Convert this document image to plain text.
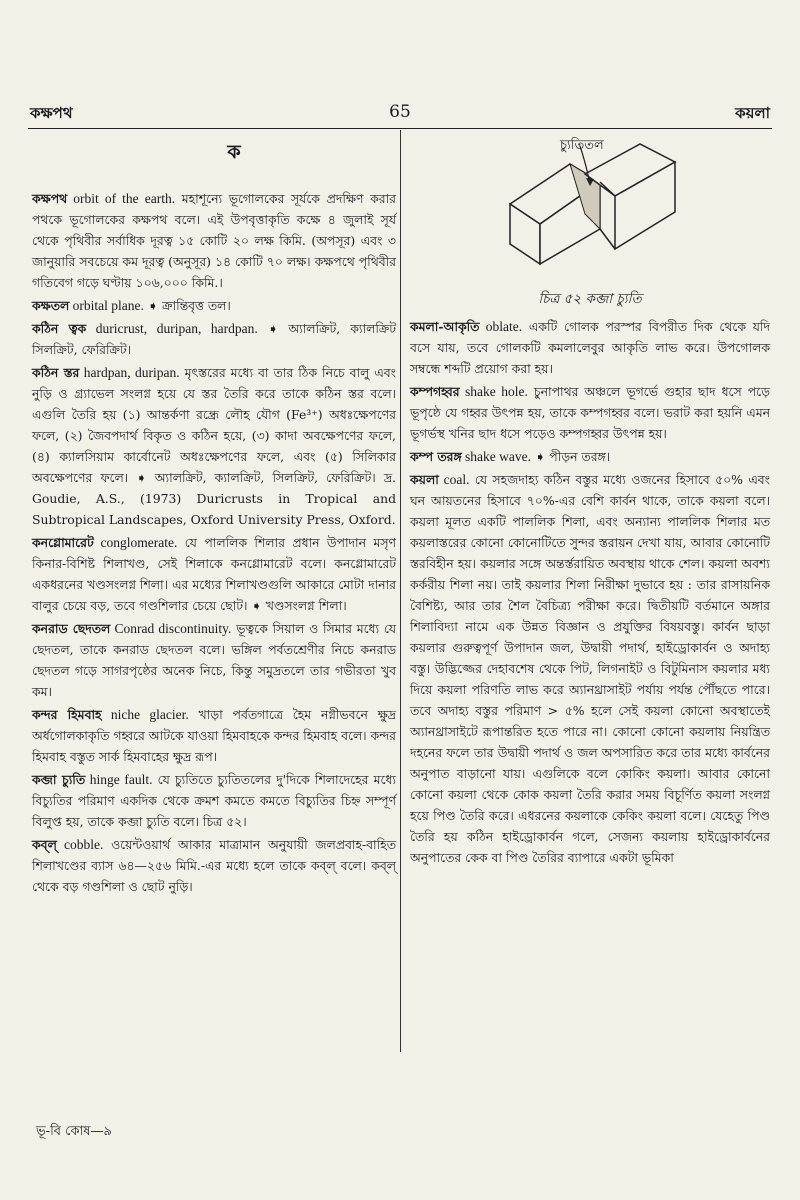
কক্ষপথ	65	কয়লা
ক
কক্ষপথ orbit of the earth. মহাশূন্যে ভূগোলকের সূর্যকে প্রদক্ষিণ করার পথকে ভূগোলকের কক্ষপথ বলে। এই উপবৃত্তাকৃতি কক্ষে ৪ জুলাই সূর্য থেকে পৃথিবীর সর্বাধিক দূরত্ব ১৫ কোটি ২০ লক্ষ কিমি. (অপসূর) এবং ৩ জানুয়ারি সবচেয়ে কম দূরত্ব (অনুসূর) ১৪ কোটি ৭০ লক্ষ। কক্ষপথে পৃথিবীর গতিবেগ গড়ে ঘণ্টায় ১০৬,০০০ কিমি.।
কক্ষতল orbital plane. ➧ ক্রান্তিবৃত্ত তল।
কঠিন ত্বক duricrust, duripan, hardpan. ➧ অ্যালক্রিট, ক্যালক্রিট সিলক্রিট, ফেরিক্রিট।
কঠিন স্তর hardpan, duripan. মৃৎস্তরের মধ্যে বা তার ঠিক নিচে বালু এবং নুড়ি ও গ্র্যাভেল সংলগ্ন হয়ে যে স্তর তৈরি করে তাকে কঠিন স্তর বলে। এগুলি তৈরি হয় (১) আন্তর্কণা রন্ধ্রে লৌহ যৌগ (Fe³⁺) অধঃক্ষেপণের ফলে, (২) জৈবপদার্থ বিকৃত ও কঠিন হয়ে, (৩) কাদা অবক্ষেপণের ফলে, (৪) ক্যালসিয়াম কার্বোনেট অধঃক্ষেপণের ফলে, এবং (৫) সিলিকার অবক্ষেপণের ফলে। ➧ অ্যালক্রিট, ক্যালক্রিট, সিলক্রিট, ফেরিক্রিট। দ্র. Goudie, A.S., (1973) Duricrusts in Tropical and Subtropical Landscapes, Oxford University Press, Oxford.
কনগ্লোমারেট conglomerate. যে পাললিক শিলার প্রধান উপাদান মসৃণ কিনার-বিশিষ্ট শিলাখণ্ড, সেই শিলাকে কনগ্লোমারেট বলে। কনগ্লোমারেট একধরনের খণ্ডসংলগ্ন শিলা। এর মধ্যের শিলাখণ্ডগুলি আকারে মোটা দানার বালুর চেয়ে বড়, তবে গণ্ডশিলার চেয়ে ছোট। ➧ খণ্ডসংলগ্ন শিলা।
কনরাড ছেদতল Conrad discontinuity. ভূত্বকে সিয়াল ও সিমার মধ্যে যে ছেদতল, তাকে কনরাড ছেদতল বলে। ভঙ্গিল পর্বতশ্রেণীর নিচে কনরাড ছেদতল গড়ে সাগরপৃষ্ঠের অনেক নিচে, কিন্তু সমুদ্রতলে তার গভীরতা খুব কম।
কন্দর হিমবাহ niche glacier. খাড়া পর্বতগাত্রে হৈম নগ্নীভবনে ক্ষুদ্র অর্ধগোলকাকৃতি গহ্বরে আটকে যাওয়া হিমবাহকে কন্দর হিমবাহ বলে। কন্দর হিমবাহ বস্তুত সার্ক হিমবাহের ক্ষুদ্র রূপ।
কব্জা চ্যুতি hinge fault. যে চ্যুতিতে চ্যুতিতলের দু'দিকে শিলাদেহের মধ্যে বিচ্যুতির পরিমাণ একদিক থেকে ক্রমশ কমতে কমতে বিচ্যুতির চিহ্ন সম্পূর্ণ বিলুপ্ত হয়, তাকে কব্জা চ্যুতি বলে। চিত্র ৫২।
কব্‌ল্ cobble. ওয়েন্টওয়ার্থ আকার মাত্রামান অনুযায়ী জলপ্রবাহ-বাহিত শিলাখণ্ডের ব্যাস ৬৪—২৫৬ মিমি.-এর মধ্যে হলে তাকে কব্‌ল্ বলে। কব্‌ল্ থেকে বড় গণ্ডশিলা ও ছোট নুড়ি।
চ্যুতিতল
চিত্র ৫২ কব্জা চ্যুতি
কমলা-আকৃতি oblate. একটি গোলক পরস্পর বিপরীত দিক থেকে যদি বসে যায়, তবে গোলকটি কমলালেবুর আকৃতি লাভ করে। উপগোলক সম্বন্ধে শব্দটি প্রয়োগ করা হয়।
কম্পগহ্বর shake hole. চুনাপাথর অঞ্চলে ভূগর্ভে গুহার ছাদ ধসে পড়ে ভূপৃষ্ঠে যে গহ্বর উৎপন্ন হয়, তাকে কম্পগহ্বর বলে। ভরাট করা হয়নি এমন ভূগর্ভস্থ খনির ছাদ ধসে পড়েও কম্পগহ্বর উৎপন্ন হয়।
কম্প তরঙ্গ shake wave. ➧ পীড়ন তরঙ্গ।
কয়লা coal. যে সহজদাহ্য কঠিন বস্তুর মধ্যে ওজনের হিসাবে ৫০% এবং ঘন আয়তনের হিসাবে ৭০%-এর বেশি কার্বন থাকে, তাকে কয়লা বলে। কয়লা মূলত একটি পাললিক শিলা, এবং অন্যান্য পাললিক শিলার মত কয়লাস্তরের কোনো কোনোটিতে সুন্দর স্তরায়ন দেখা যায়, আবার কোনোটি স্তরবিহীন হয়। কয়লার সঙ্গে অন্তর্স্তরায়িত অবস্থায় থাকে শেল। কয়লা অবশ্য কর্করীয় শিলা নয়। তাই কয়লার শিলা নিরীক্ষা দুভাবে হয় : তার রাসায়নিক বৈশিষ্ট্য, আর তার শৈল বৈচিত্র্য পরীক্ষা করে। দ্বিতীয়টি বর্তমানে অঙ্গার শিলাবিদ্যা নামে এক উন্নত বিজ্ঞান ও প্রযুক্তির বিষয়বস্তু। কার্বন ছাড়া কয়লার গুরুত্বপূর্ণ উপাদান জল, উদ্বায়ী পদার্থ, হাইড্রোকার্বন ও অদাহ্য বস্তু। উদ্ভিজ্জের দেহাবশেষ থেকে পিট, লিগনাইট ও বিটুমিনাস কয়লার মধ্য দিয়ে কয়লা পরিণতি লাভ করে অ্যানথ্রাসাইট পর্যায় পর্যন্ত পৌঁছতে পারে। তবে অদাহ্য বস্তুর পরিমাণ > ৫% হলে সেই কয়লা কোনো অবস্থাতেই অ্যানথ্রাসাইটে রূপান্তরিত হতে পারে না। কোনো কোনো কয়লায় নিয়ন্ত্রিত দহনের ফলে তার উদ্বায়ী পদার্থ ও জল অপসারিত করে তার মধ্যে কার্বনের অনুপাত বাড়ানো যায়। এগুলিকে বলে কোকিং কয়লা। আবার কোনো কোনো কয়লা থেকে কোক কয়লা তৈরি করার সময় বিচূর্ণিত কয়লা সংলগ্ন হয়ে পিণ্ড তৈরি করে। এধরনের কয়লাকে কেকিং কয়লা বলে। যেহেতু পিণ্ড তৈরি হয় কঠিন হাইড্রোকার্বন গলে, সেজন্য কয়লায় হাইড্রোকার্বনের অনুপাতের কেক বা পিণ্ড তৈরির ব্যাপারে একটা ভূমিকা
ভূ-বি কোষ—৯
